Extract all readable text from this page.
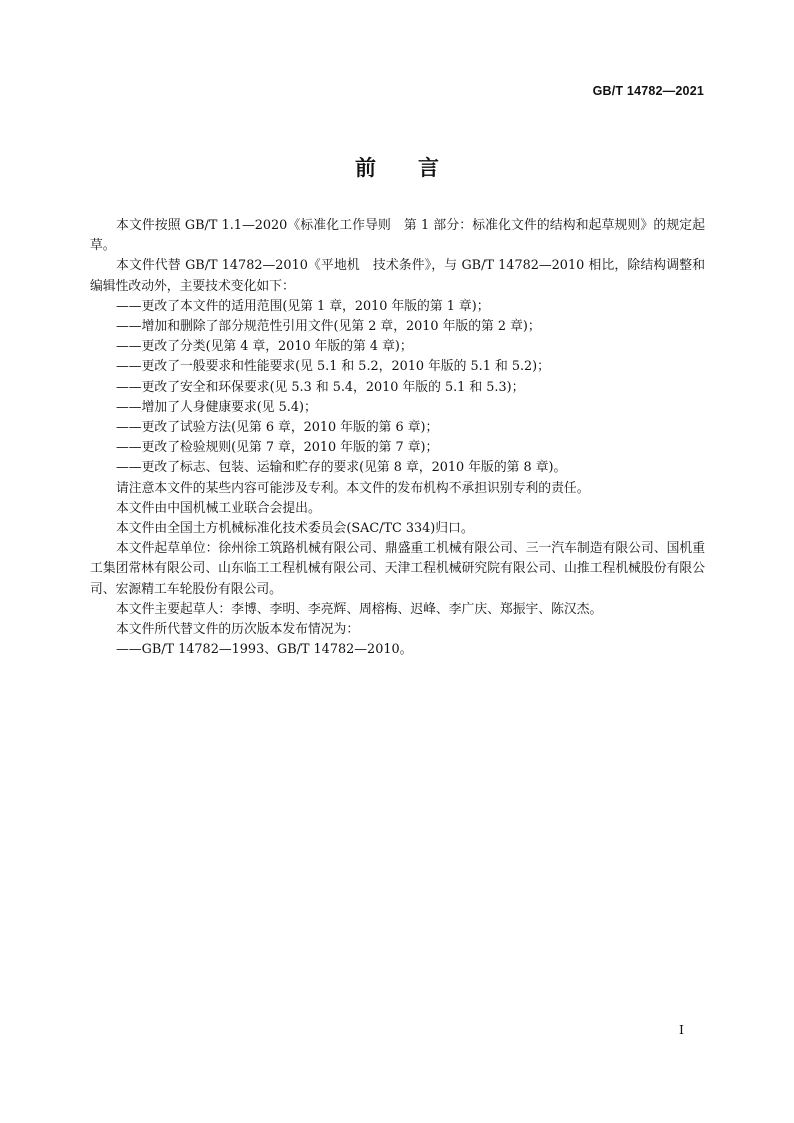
GB/T 14782—2021
前 言

本文件按照 GB/T 1.1—2020《标准化工作导则　第 1 部分：标准化文件的结构和起草规则》的规定起草。

本文件代替 GB/T 14782—2010《平地机　技术条件》，与 GB/T 14782—2010 相比，除结构调整和编辑性改动外，主要技术变化如下：

——更改了本文件的适用范围(见第 1 章，2010 年版的第 1 章)；

——增加和删除了部分规范性引用文件(见第 2 章，2010 年版的第 2 章)；

——更改了分类(见第 4 章，2010 年版的第 4 章)；

——更改了一般要求和性能要求(见 5.1 和 5.2，2010 年版的 5.1 和 5.2)；

——更改了安全和环保要求(见 5.3 和 5.4，2010 年版的 5.1 和 5.3)；

——增加了人身健康要求(见 5.4)；

——更改了试验方法(见第 6 章，2010 年版的第 6 章)；

——更改了检验规则(见第 7 章，2010 年版的第 7 章)；

——更改了标志、包装、运输和贮存的要求(见第 8 章，2010 年版的第 8 章)。

请注意本文件的某些内容可能涉及专利。本文件的发布机构不承担识别专利的责任。

本文件由中国机械工业联合会提出。

本文件由全国土方机械标准化技术委员会(SAC/TC 334)归口。

本文件起草单位：徐州徐工筑路机械有限公司、鼎盛重工机械有限公司、三一汽车制造有限公司、国机重工集团常林有限公司、山东临工工程机械有限公司、天津工程机械研究院有限公司、山推工程机械股份有限公司、宏源精工车轮股份有限公司。

本文件主要起草人：李博、李明、李亮辉、周榕梅、迟峰、李广庆、郑振宇、陈汉杰。

本文件所代替文件的历次版本发布情况为：

——GB/T 14782—1993、GB/T 14782—2010。

I
